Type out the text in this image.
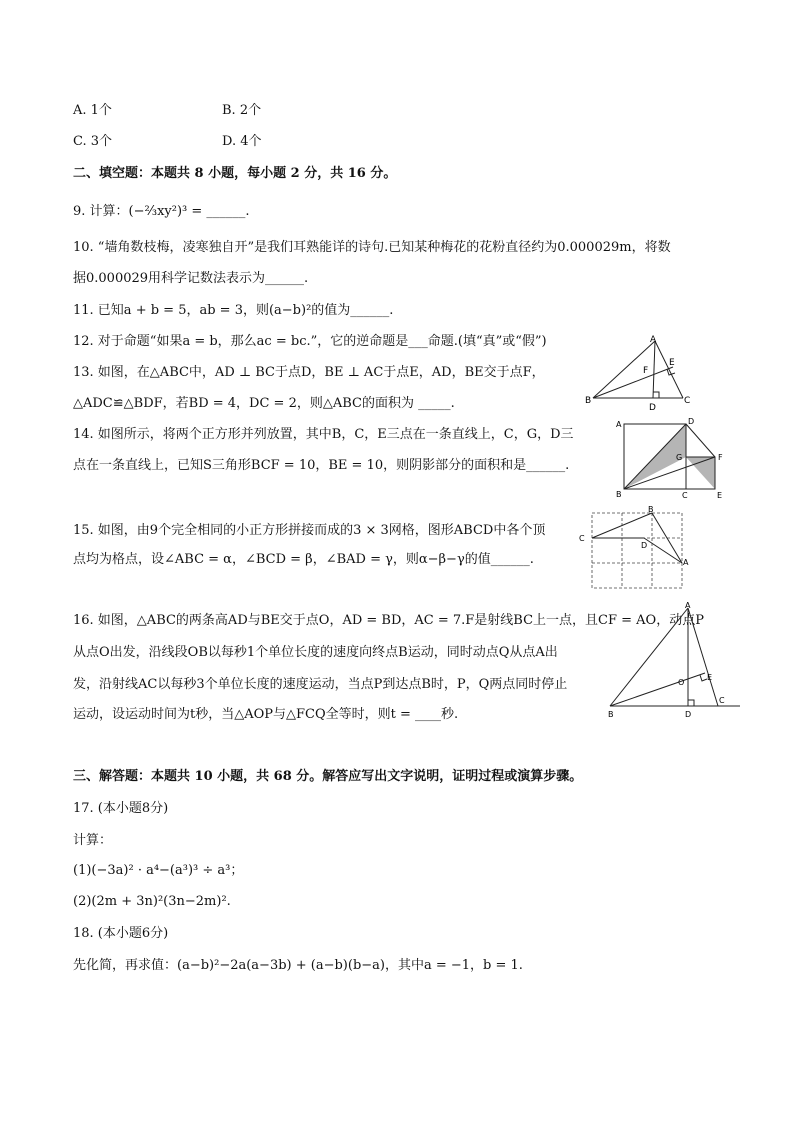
A. 1个	B. 2个
C. 3个	D. 4个
二、填空题：本题共 8 小题，每小题 2 分，共 16 分。
9. 计算：(−²⁄₃xy²)³ = ______.
10. “墙角数枝梅，凌寒独自开”是我们耳熟能详的诗句.已知某种梅花的花粉直径约为0.000029m，将数
据0.000029用科学记数法表示为______.
11. 已知a + b = 5，ab = 3，则(a−b)²的值为______.
12. 对于命题“如果a = b，那么ac = bc.”，它的逆命题是___命题.(填“真”或“假”)
13. 如图，在△ABC中，AD ⊥ BC于点D，BE ⊥ AC于点E，AD，BE交于点F，
△ADC≌△BDF，若BD = 4，DC = 2，则△ABC的面积为 _____.
14. 如图所示，将两个正方形并列放置，其中B，C，E三点在一条直线上，C，G，D三
点在一条直线上，已知S三角形BCF = 10，BE = 10，则阴影部分的面积和是______.
15. 如图，由9个完全相同的小正方形拼接而成的3 × 3网格，图形ABCD中各个顶
点均为格点，设∠ABC = α，∠BCD = β，∠BAD = γ，则α−β−γ的值______.
16. 如图，△ABC的两条高AD与BE交于点O，AD = BD，AC = 7.F是射线BC上一点，且CF = AO，动点P
从点O出发，沿线段OB以每秒1个单位长度的速度向终点B运动，同时动点Q从点A出
发，沿射线AC以每秒3个单位长度的速度运动，当点P到达点B时，P，Q两点同时停止
运动，设运动时间为t秒，当△AOP与△FCQ全等时，则t = ____秒.
三、解答题：本题共 10 小题，共 68 分。解答应写出文字说明，证明过程或演算步骤。
17. (本小题8分)
计算：
(1)(−3a)² · a⁴−(a³)³ ÷ a³；
(2)(2m + 3n)²(3n−2m)².
18. (本小题6分)
先化简，再求值：(a−b)²−2a(a−3b) + (a−b)(b−a)，其中a = −1，b = 1.
A
B	C
D
E
F
A
B	C
D
E
F
G
B
C
D
A
A
B
C
D
E
O
